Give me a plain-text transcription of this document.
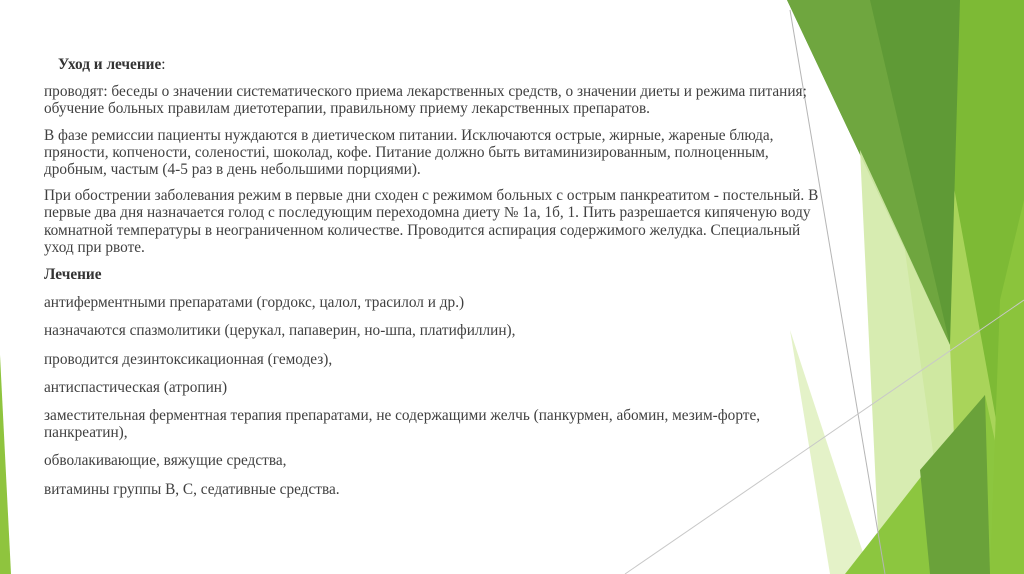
Уход и лечение:

проводят: беседы о значении систематического приема лекарственных средств, о значении диеты и режима питания; обучение больных правилам диетотерапии, правильному приему лекарственных препаратов.

В фазе ремиссии пациенты нуждаются в диетическом питании. Исключаются острые, жирные, жареные блюда, пряности, копчености, соленостиi, шоколад, кофе. Питание должно быть витаминизированным, полноценным, дробным, частым (4-5 раз в день небольшими порциями).

При обострении заболевания режим в первые дни сходен с режимом больных с острым панкреатитом - постельный. В первые два дня назначается голод с последующим переходомна диету № 1а, 1б, 1. Пить разрешается кипяченую воду комнатной температуры в неограниченном количестве. Проводится аспирация содержимого желудка. Специальный уход при рвоте.

Лечение

антиферментными препаратами (гордокс, цалол, трасилол и др.)

назначаются спазмолитики (церукал, папаверин, но-шпа, платифиллин),

проводится дезинтоксикационная (гемодез),

антиспастическая (атропин)

заместительная ферментная терапия препаратами, не содержащими желчь (панкурмен, абомин, мезим-форте, панкреатин),

обволакивающие, вяжущие средства,

витамины группы В, С, седативные средства.
